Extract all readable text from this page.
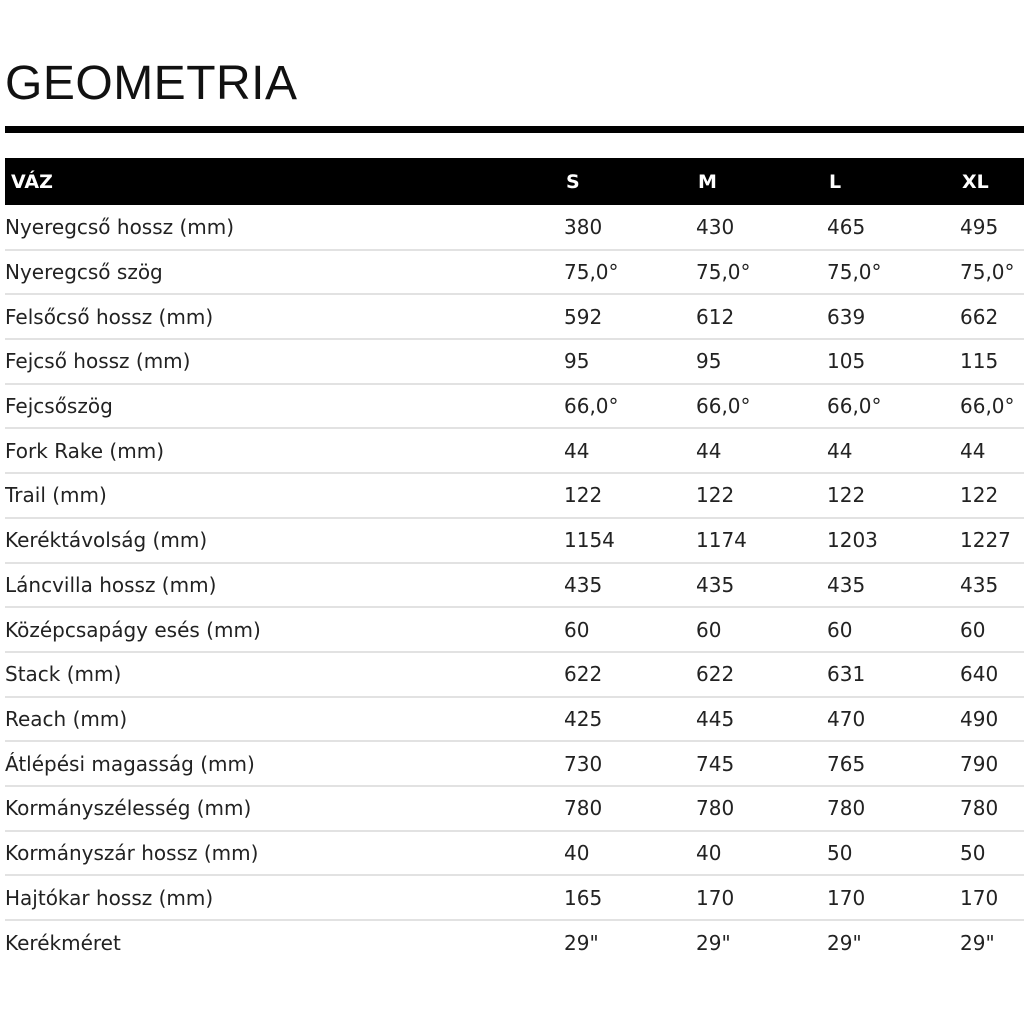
GEOMETRIA
VÁZ	S	M	L	XL
Nyeregcső hossz (mm)	380	430	465	495
Nyeregcső szög	75,0°	75,0°	75,0°	75,0°
Felsőcső hossz (mm)	592	612	639	662
Fejcső hossz (mm)	95	95	105	115
Fejcsőszög	66,0°	66,0°	66,0°	66,0°
Fork Rake (mm)	44	44	44	44
Trail (mm)	122	122	122	122
Keréktávolság (mm)	1154	1174	1203	1227
Láncvilla hossz (mm)	435	435	435	435
Középcsapágy esés (mm)	60	60	60	60
Stack (mm)	622	622	631	640
Reach (mm)	425	445	470	490
Átlépési magasság (mm)	730	745	765	790
Kormányszélesség (mm)	780	780	780	780
Kormányszár hossz (mm)	40	40	50	50
Hajtókar hossz (mm)	165	170	170	170
Kerékméret	29"	29"	29"	29"
